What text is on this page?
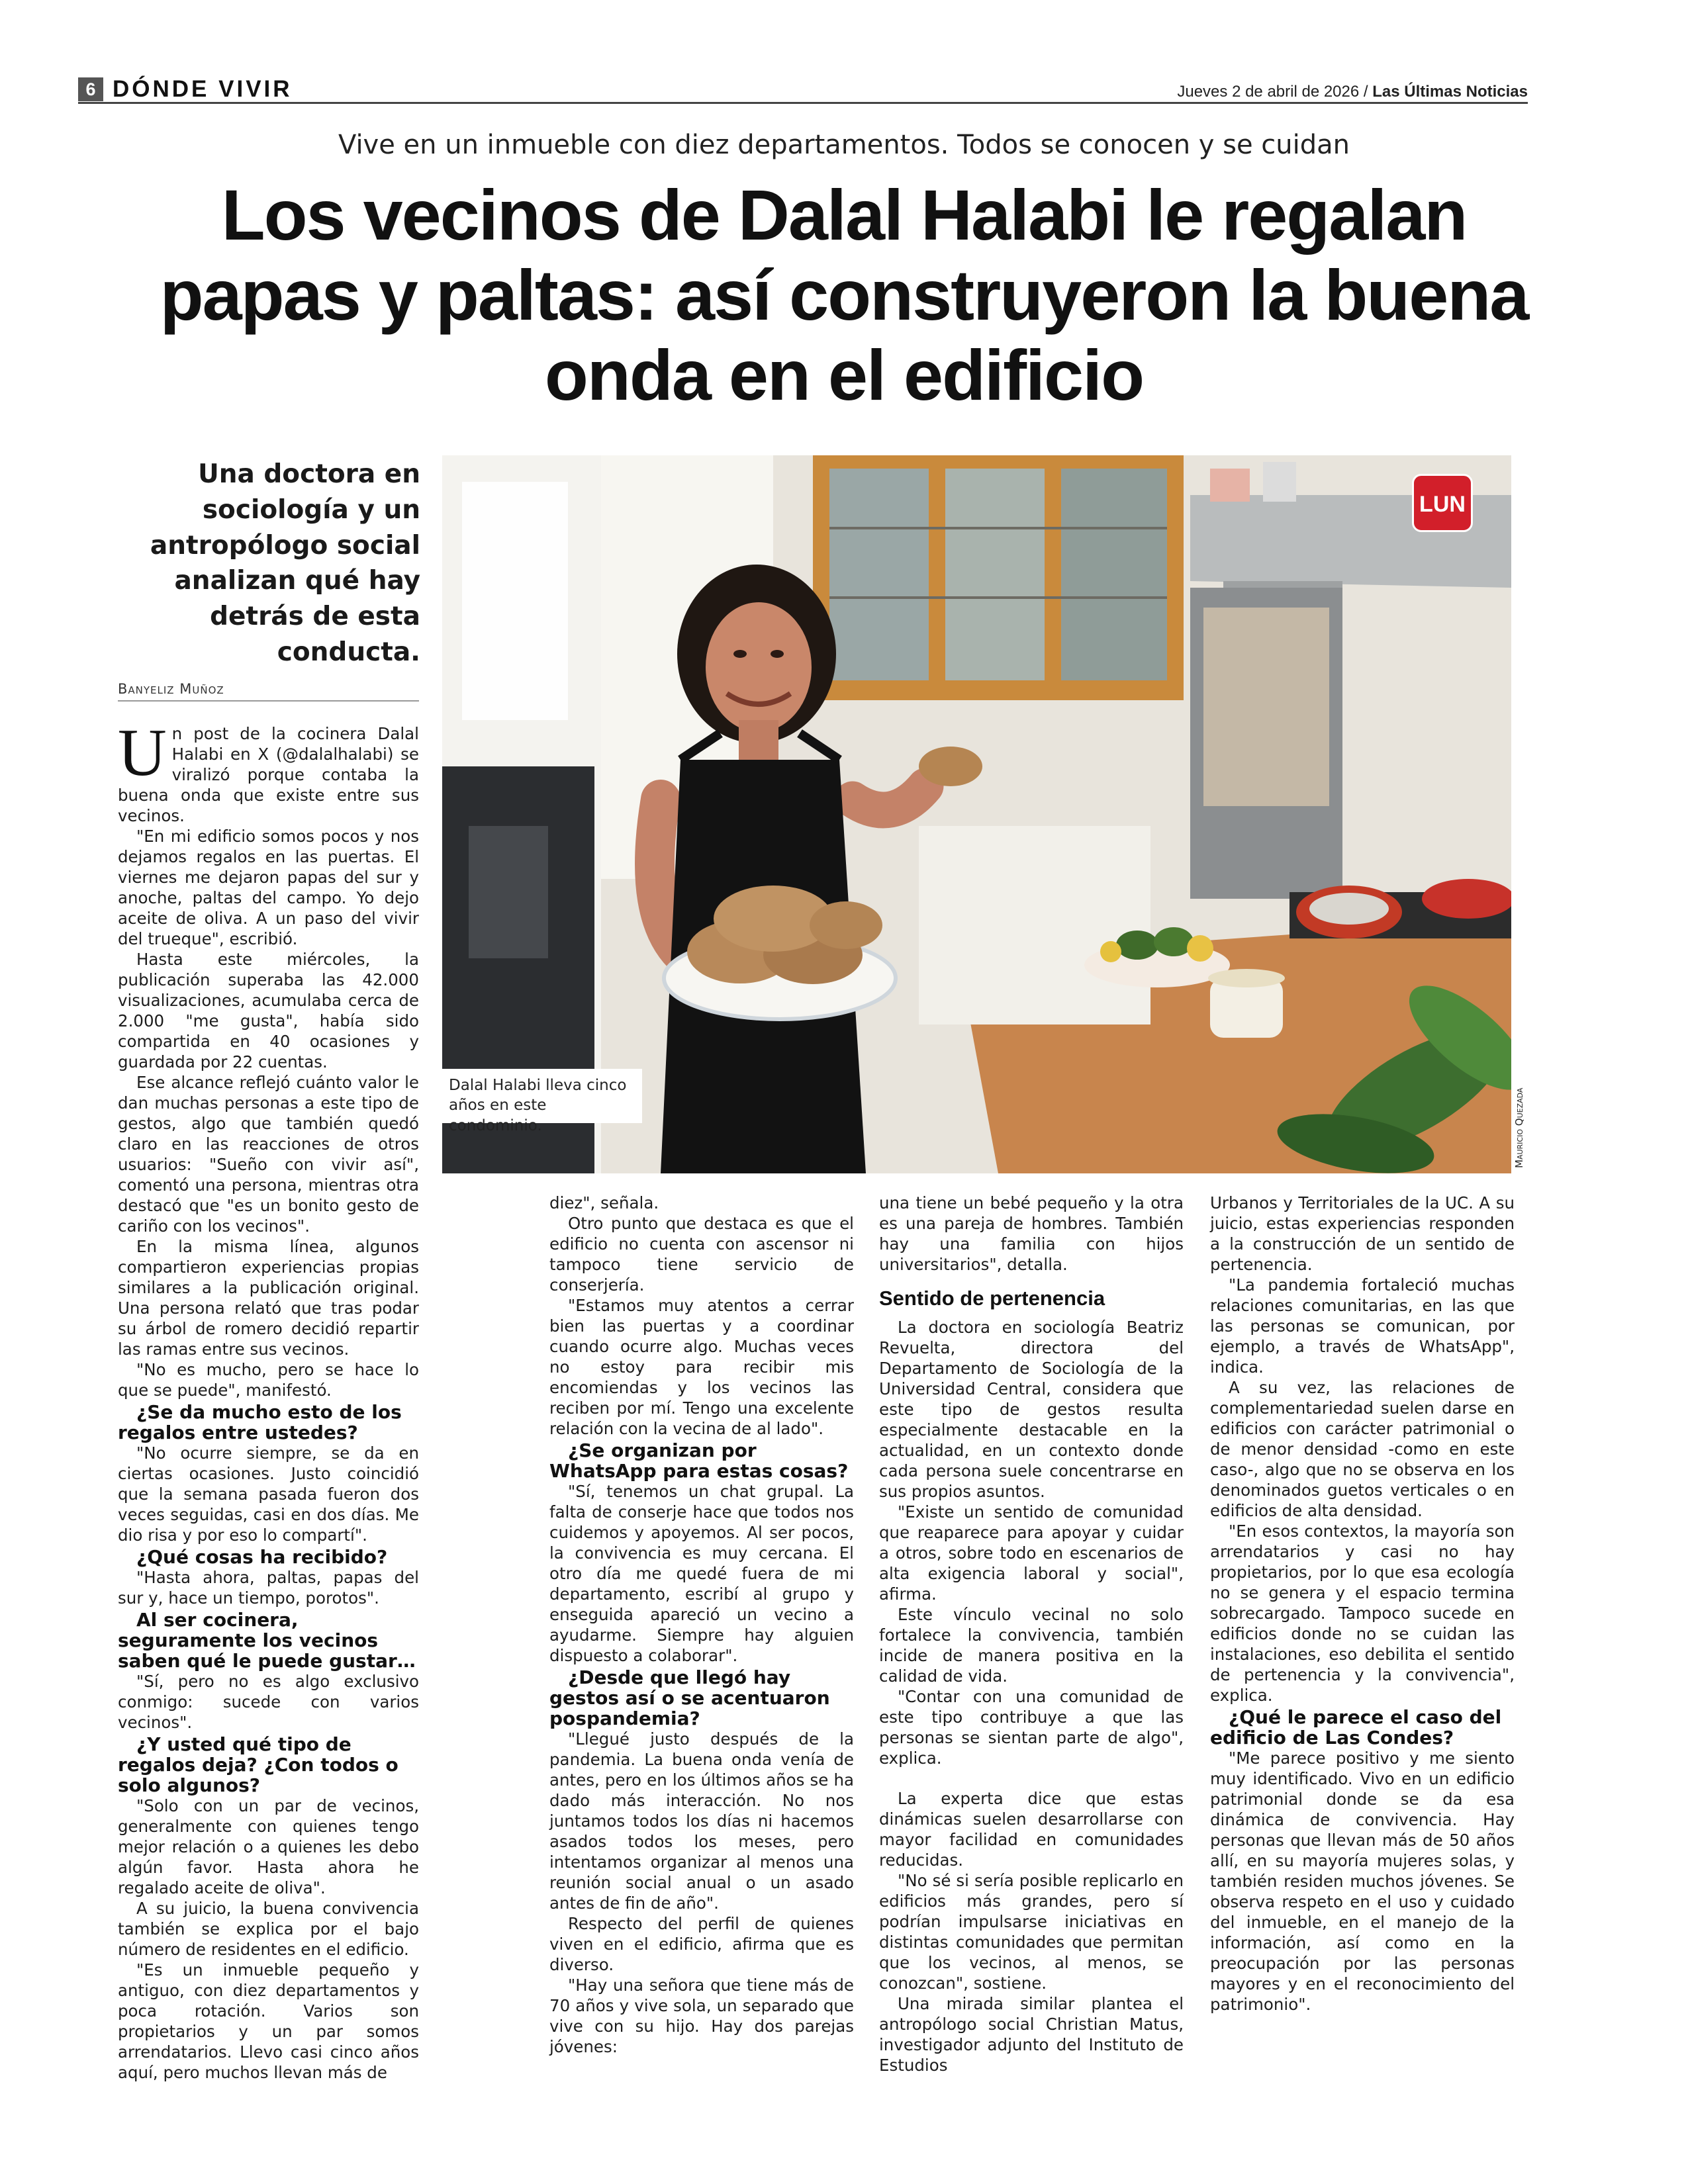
6 DÓNDE VIVIR	Jueves 2 de abril de 2026 / Las Últimas Noticias
Vive en un inmueble con diez departamentos. Todos se conocen y se cuidan
Los vecinos de Dalal Halabi le regalan papas y paltas: así construyeron la buena onda en el edificio
Una doctora en sociología y un antropólogo social analizan qué hay detrás de esta conducta.
Banyeliz Muñoz
LUN
Dalal Halabi lleva cinco años en este condominio.	Mauricio Quezada

Un post de la cocinera Dalal Halabi en X (@dalalhalabi) se viralizó porque contaba la buena onda que existe entre sus vecinos.

"En mi edificio somos pocos y nos dejamos regalos en las puertas. El viernes me dejaron papas del sur y anoche, paltas del campo. Yo dejo aceite de oliva. A un paso del vivir del trueque", escribió.

Hasta este miércoles, la publicación superaba las 42.000 visualizaciones, acumulaba cerca de 2.000 "me gusta", había sido compartida en 40 ocasiones y guardada por 22 cuentas.

Ese alcance reflejó cuánto valor le dan muchas personas a este tipo de gestos, algo que también quedó claro en las reacciones de otros usuarios: "Sueño con vivir así", comentó una persona, mientras otra destacó que "es un bonito gesto de cariño con los vecinos".

En la misma línea, algunos compartieron experiencias propias similares a la publicación original. Una persona relató que tras podar su árbol de romero decidió repartir las ramas entre sus vecinos.

"No es mucho, pero se hace lo que se puede", manifestó.

¿Se da mucho esto de los regalos entre ustedes?

"No ocurre siempre, se da en ciertas ocasiones. Justo coincidió que la semana pasada fueron dos veces seguidas, casi en dos días. Me dio risa y por eso lo compartí".

¿Qué cosas ha recibido?

"Hasta ahora, paltas, papas del sur y, hace un tiempo, porotos".

Al ser cocinera, seguramente los vecinos saben qué le puede gustar…

"Sí, pero no es algo exclusivo conmigo: sucede con varios vecinos".

¿Y usted qué tipo de regalos deja? ¿Con todos o solo algunos?

"Solo con un par de vecinos, generalmente con quienes tengo mejor relación o a quienes les debo algún favor. Hasta ahora he regalado aceite de oliva".

A su juicio, la buena convivencia también se explica por el bajo número de residentes en el edificio.

"Es un inmueble pequeño y antiguo, con diez departamentos y poca rotación. Varios son propietarios y un par somos arrendatarios. Llevo casi cinco años aquí, pero muchos llevan más de

diez", señala.

Otro punto que destaca es que el edificio no cuenta con ascensor ni tampoco tiene servicio de conserjería.

"Estamos muy atentos a cerrar bien las puertas y a coordinar cuando ocurre algo. Muchas veces no estoy para recibir mis encomiendas y los vecinos las reciben por mí. Tengo una excelente relación con la vecina de al lado".

¿Se organizan por WhatsApp para estas cosas?

"Sí, tenemos un chat grupal. La falta de conserje hace que todos nos cuidemos y apoyemos. Al ser pocos, la convivencia es muy cercana. El otro día me quedé fuera de mi departamento, escribí al grupo y enseguida apareció un vecino a ayudarme. Siempre hay alguien dispuesto a colaborar".

¿Desde que llegó hay gestos así o se acentuaron pospandemia?

"Llegué justo después de la pandemia. La buena onda venía de antes, pero en los últimos años se ha dado más interacción. No nos juntamos todos los días ni hacemos asados todos los meses, pero intentamos organizar al menos una reunión social anual o un asado antes de fin de año".

Respecto del perfil de quienes viven en el edificio, afirma que es diverso.

"Hay una señora que tiene más de 70 años y vive sola, un separado que vive con su hijo. Hay dos parejas jóvenes:

una tiene un bebé pequeño y la otra es una pareja de hombres. También hay una familia con hijos universitarios", detalla.

Sentido de pertenencia

La doctora en sociología Beatriz Revuelta, directora del Departamento de Sociología de la Universidad Central, considera que este tipo de gestos resulta especialmente destacable en la actualidad, en un contexto donde cada persona suele concentrarse en sus propios asuntos.

"Existe un sentido de comunidad que reaparece para apoyar y cuidar a otros, sobre todo en escenarios de alta exigencia laboral y social", afirma.

Este vínculo vecinal no solo fortalece la convivencia, también incide de manera positiva en la calidad de vida.

"Contar con una comunidad de este tipo contribuye a que las personas se sientan parte de algo", explica.

La experta dice que estas dinámicas suelen desarrollarse con mayor facilidad en comunidades reducidas.

"No sé si sería posible replicarlo en edificios más grandes, pero sí podrían impulsarse iniciativas en distintas comunidades que permitan que los vecinos, al menos, se conozcan", sostiene.

Una mirada similar plantea el antropólogo social Christian Matus, investigador adjunto del Instituto de Estudios

Urbanos y Territoriales de la UC. A su juicio, estas experiencias responden a la construcción de un sentido de pertenencia.

"La pandemia fortaleció muchas relaciones comunitarias, en las que las personas se comunican, por ejemplo, a través de WhatsApp", indica.

A su vez, las relaciones de complementariedad suelen darse en edificios con carácter patrimonial o de menor densidad -como en este caso-, algo que no se observa en los denominados guetos verticales o en edificios de alta densidad.

"En esos contextos, la mayoría son arrendatarios y casi no hay propietarios, por lo que esa ecología no se genera y el espacio termina sobrecargado. Tampoco sucede en edificios donde no se cuidan las instalaciones, eso debilita el sentido de pertenencia y la convivencia", explica.

¿Qué le parece el caso del edificio de Las Condes?

"Me parece positivo y me siento muy identificado. Vivo en un edificio patrimonial donde se da esa dinámica de convivencia. Hay personas que llevan más de 50 años allí, en su mayoría mujeres solas, y también residen muchos jóvenes. Se observa respeto en el uso y cuidado del inmueble, en el manejo de la información, así como en la preocupación por las personas mayores y en el reconocimiento del patrimonio".
